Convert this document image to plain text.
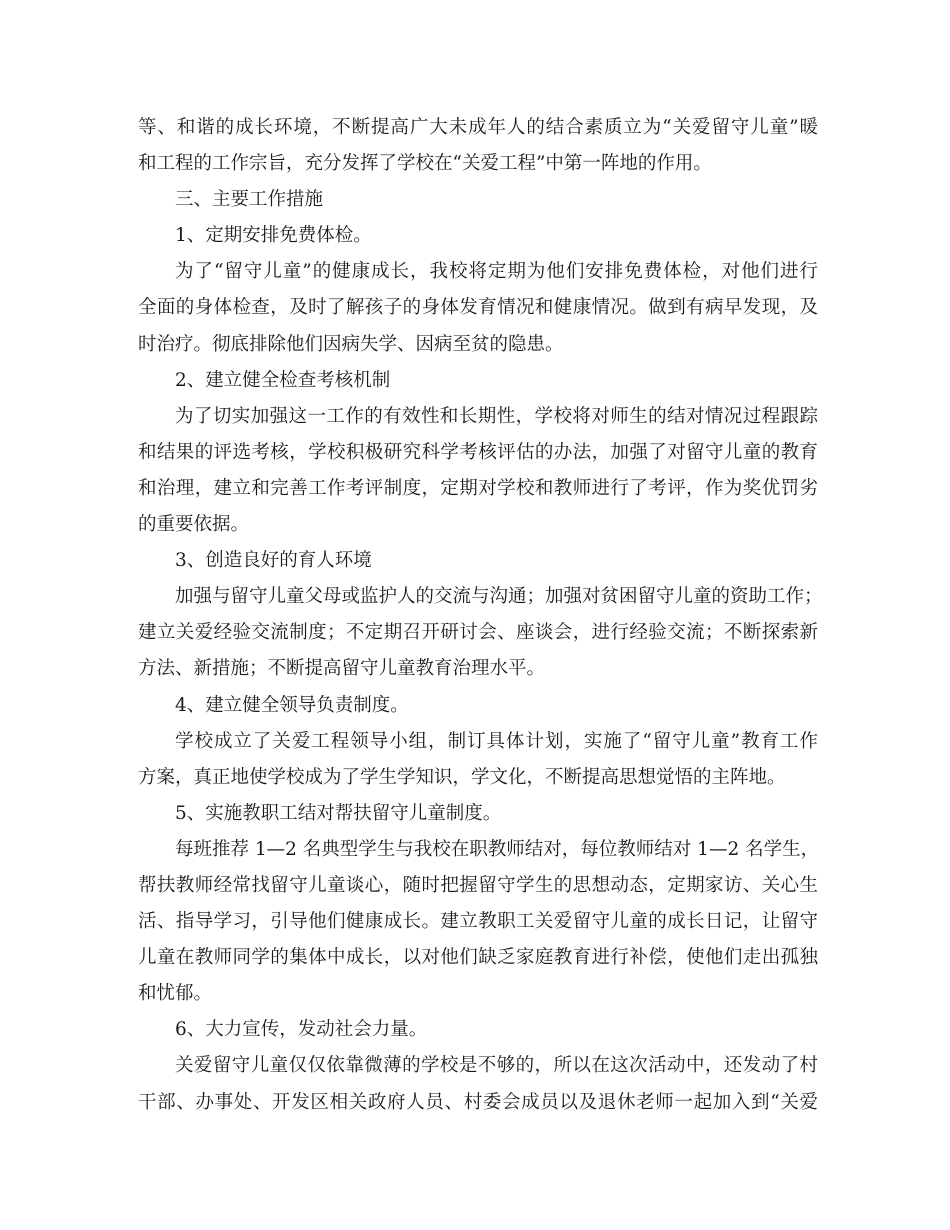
等、和谐的成长环境，不断提高广大未成年人的结合素质立为“关爱留守儿童”暖
和工程的工作宗旨，充分发挥了学校在“关爱工程”中第一阵地的作用。
三、主要工作措施
1、定期安排免费体检。
为了“留守儿童”的健康成长，我校将定期为他们安排免费体检，对他们进行
全面的身体检查，及时了解孩子的身体发育情况和健康情况。做到有病早发现，及
时治疗。彻底排除他们因病失学、因病至贫的隐患。
2、建立健全检查考核机制
为了切实加强这一工作的有效性和长期性，学校将对师生的结对情况过程跟踪
和结果的评选考核，学校积极研究科学考核评估的办法，加强了对留守儿童的教育
和治理，建立和完善工作考评制度，定期对学校和教师进行了考评，作为奖优罚劣
的重要依据。
3、创造良好的育人环境
加强与留守儿童父母或监护人的交流与沟通；加强对贫困留守儿童的资助工作；
建立关爱经验交流制度；不定期召开研讨会、座谈会，进行经验交流；不断探索新
方法、新措施；不断提高留守儿童教育治理水平。
4、建立健全领导负责制度。
学校成立了关爱工程领导小组，制订具体计划，实施了“留守儿童”教育工作
方案，真正地使学校成为了学生学知识，学文化，不断提高思想觉悟的主阵地。
5、实施教职工结对帮扶留守儿童制度。
每班推荐 1—2 名典型学生与我校在职教师结对，每位教师结对 1—2 名学生，
帮扶教师经常找留守儿童谈心，随时把握留守学生的思想动态，定期家访、关心生
活、指导学习，引导他们健康成长。建立教职工关爱留守儿童的成长日记，让留守
儿童在教师同学的集体中成长，以对他们缺乏家庭教育进行补偿，使他们走出孤独
和忧郁。
6、大力宣传，发动社会力量。
关爱留守儿童仅仅依靠微薄的学校是不够的，所以在这次活动中，还发动了村
干部、办事处、开发区相关政府人员、村委会成员以及退休老师一起加入到“关爱
